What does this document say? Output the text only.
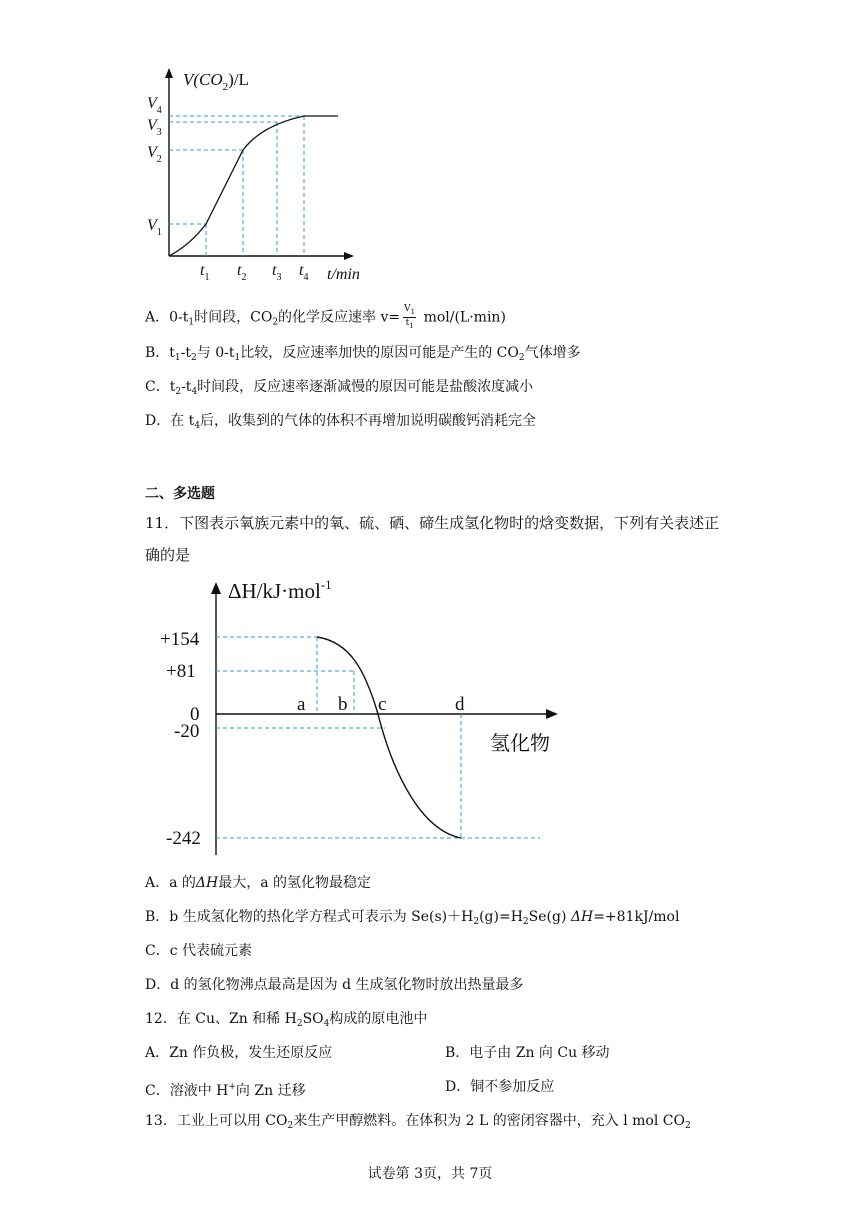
$V(CO_2)/L$
$V_4$
$V_3$
$V_2$
$V_1$
$t_1$ $t_2$ $t_3$ $t_4$ t/min
A．$0-t_1$时间段，$CO_2$的化学反应速率 $v= \frac{V_1}{t_1} mol/(L\cdot\min)$
B．$t_1-t_2$与 $0-t_1$比较，反应速率加快的原因可能是产生的 $CO_2$气体增多
C．$t_2-t_4$时间段，反应速率逐渐减慢的原因可能是盐酸浓度减小
D．在 $t_4$后，收集到的气体的体积不再增加说明碳酸钙消耗完全
二、多选题
11．下图表示氧族元素中的氧、硫、硒、碲生成氢化物时的焓变数据，下列有关表述正
确的是
ΔH/kJ·mol$^{-1}$
+154
+81
0
-20
-242
a b c	d
氢化物
A．a 的ΔH最大，a 的氢化物最稳定
B．b 生成氢化物的热化学方程式可表示为 $Se(s)+H_2(g)=H_2Se(g)$ ΔH=+81kJ/mol
C．c 代表硫元素
D．d 的氢化物沸点最高是因为 d 生成氢化物时放出热量最多
12．在 Cu、Zn 和稀 $H_2SO_4$构成的原电池中
A．Zn 作负极，发生还原反应	B．电子由 Zn 向 Cu 移动
C．溶液中 H+向 Zn 迁移	D．铜不参加反应
13．工业上可以用 $CO_2$来生产甲醇燃料。在体积为 2 L 的密闭容器中，充入 l mol $CO_2$
试卷第 3页，共 7页
